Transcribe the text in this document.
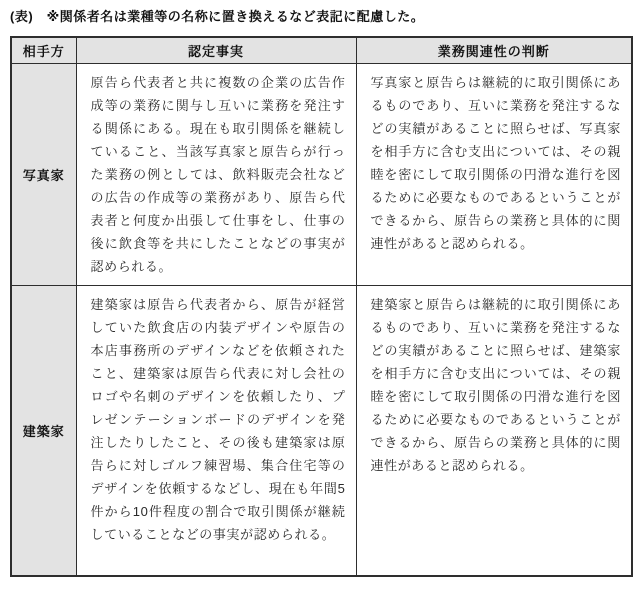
(表)　※関係者名は業種等の名称に置き換えるなど表記に配慮した。
相手方	認定事実	業務関連性の判断
写真家	原告ら代表者と共に複数の企業の広告作成等の業務に関与し互いに業務を発注する関係にある。現在も取引関係を継続していること、当該写真家と原告らが行った業務の例としては、飲料販売会社などの広告の作成等の業務があり、原告ら代表者と何度か出張して仕事をし、仕事の後に飲食等を共にしたことなどの事実が認められる。	写真家と原告らは継続的に取引関係にあるものであり、互いに業務を発注するなどの実績があることに照らせば、写真家を相手方に含む支出については、その親睦を密にして取引関係の円滑な進行を図るために必要なものであるということができるから、原告らの業務と具体的に関連性があると認められる。
建築家	建築家は原告ら代表者から、原告が経営していた飲食店の内装デザインや原告の本店事務所のデザインなどを依頼されたこと、建築家は原告ら代表に対し会社のロゴや名刺のデザインを依頼したり、プレゼンテーションボードのデザインを発注したりしたこと、その後も建築家は原告らに対しゴルフ練習場、集合住宅等のデザインを依頼するなどし、現在も年間5件から10件程度の割合で取引関係が継続していることなどの事実が認められる。	建築家と原告らは継続的に取引関係にあるものであり、互いに業務を発注するなどの実績があることに照らせば、建築家を相手方に含む支出については、その親睦を密にして取引関係の円滑な進行を図るために必要なものであるということができるから、原告らの業務と具体的に関連性があると認められる。
